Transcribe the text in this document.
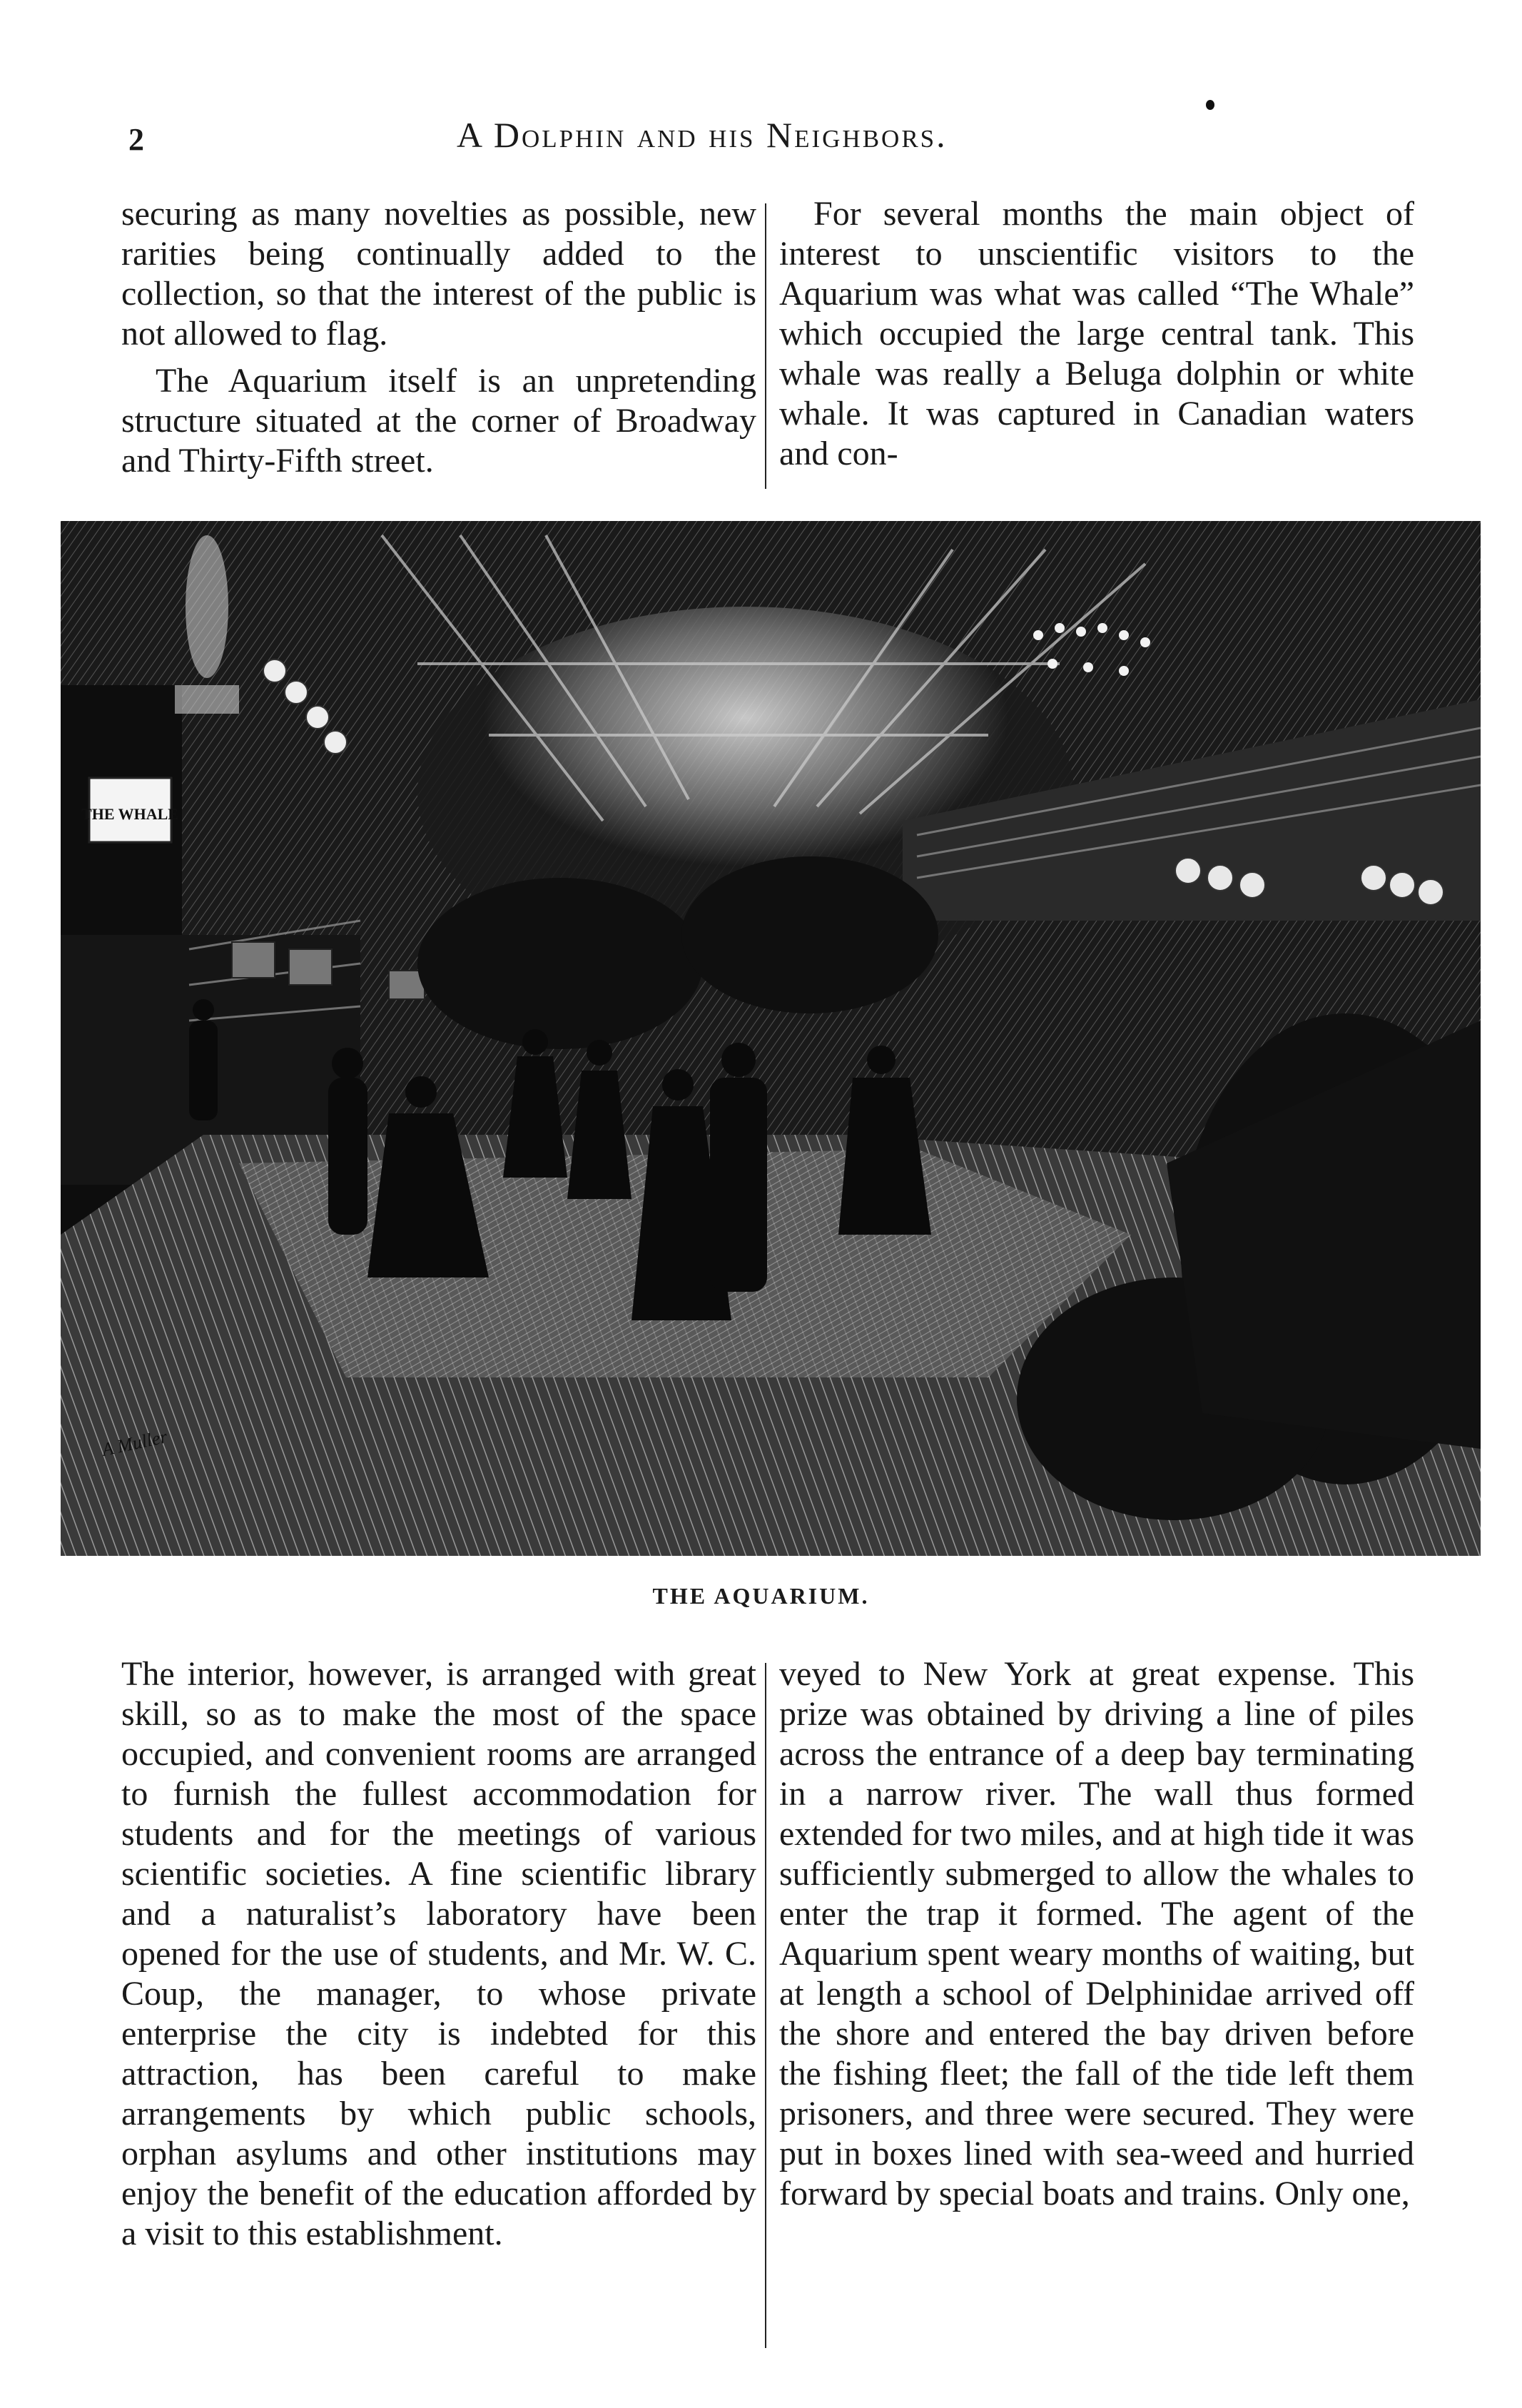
2	A Dolphin and his Neighbors.

securing as many novelties as possible, new rarities being continually added to the collection, so that the interest of the public is not allowed to flag.

The Aquarium itself is an unpretending structure situated at the corner of Broadway and Thirty-Fifth street.

For several months the main object of interest to unscientific visitors to the Aquarium was what was called “The Whale” which occupied the large central tank. This whale was really a Beluga dolphin or white whale. It was captured in Canadian waters and con-

THE WHALE
A Muller
THE AQUARIUM.

The interior, however, is arranged with great skill, so as to make the most of the space occupied, and convenient rooms are arranged to furnish the fullest accommodation for students and for the meetings of various scientific societies. A fine scientific library and a naturalist’s laboratory have been opened for the use of students, and Mr. W. C. Coup, the manager, to whose private enterprise the city is indebted for this attraction, has been careful to make arrangements by which public schools, orphan asylums and other institutions may enjoy the benefit of the education afforded by a visit to this establishment.

veyed to New York at great expense. This prize was obtained by driving a line of piles across the entrance of a deep bay terminating in a narrow river. The wall thus formed extended for two miles, and at high tide it was sufficiently submerged to allow the whales to enter the trap it formed. The agent of the Aquarium spent weary months of waiting, but at length a school of Delphinidae arrived off the shore and entered the bay driven before the fishing fleet; the fall of the tide left them prisoners, and three were secured. They were put in boxes lined with sea-weed and hurried forward by special boats and trains. Only one,
